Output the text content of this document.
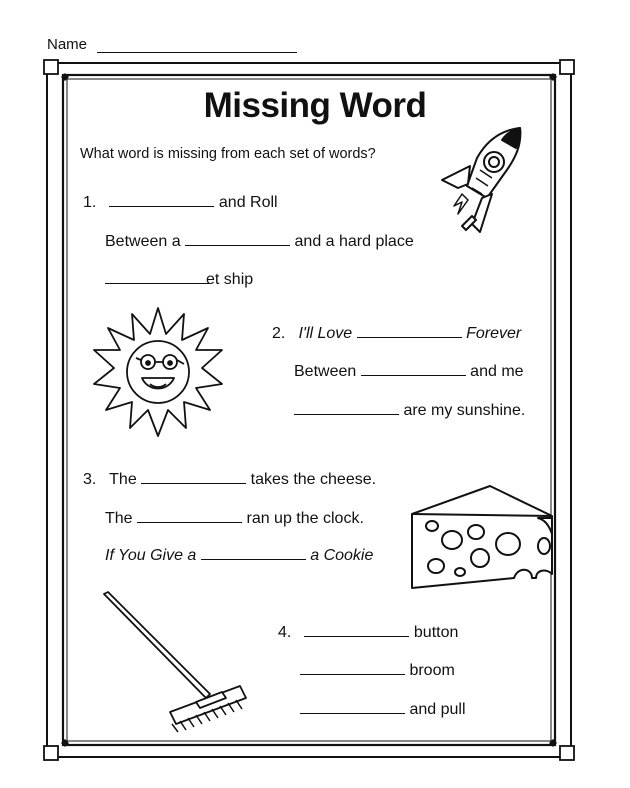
Name
Missing Word
What word is missing from each set of words?
1.	and Roll
Between a	and a hard place
et ship
2. I'll Love	Forever
Between	and me
are my sunshine.
3. The	takes the cheese.
The	ran up the clock.
If You Give a	a Cookie
4.	button
broom
and pull
